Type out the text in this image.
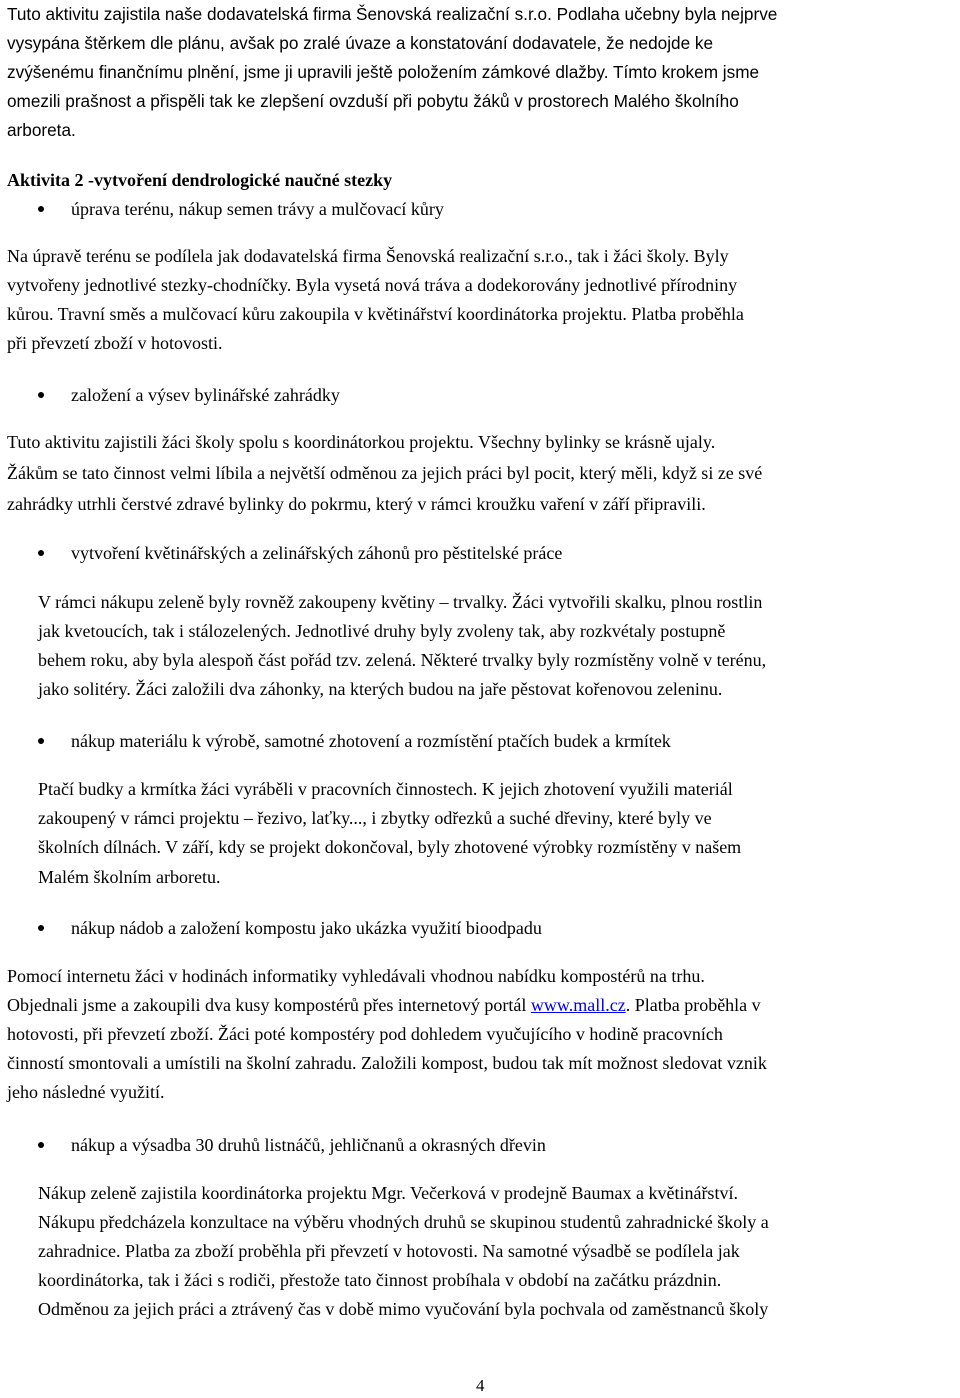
Tuto aktivitu zajistila naše dodavatelská firma Šenovská realizační s.r.o. Podlaha učebny byla nejprve
vysypána štěrkem dle plánu, avšak po zralé úvaze a konstatování dodavatele, že nedojde ke
zvýšenému finančnímu plnění, jsme ji upravili ještě položením zámkové dlažby. Tímto krokem jsme
omezili prašnost a přispěli tak ke zlepšení ovzduší při pobytu žáků v prostorech Malého školního
arboreta.
Aktivita 2 -vytvoření dendrologické naučné stezky
úprava terénu, nákup semen trávy a mulčovací kůry
Na úpravě terénu se podílela jak dodavatelská firma Šenovská realizační s.r.o., tak i žáci školy. Byly
vytvořeny jednotlivé stezky-chodníčky. Byla vysetá nová tráva a dodekorovány jednotlivé přírodniny
kůrou. Travní směs a mulčovací kůru zakoupila v květinářství koordinátorka projektu. Platba proběhla
při převzetí zboží v hotovosti.
založení a výsev bylinářské zahrádky
Tuto aktivitu zajistili žáci školy spolu s koordinátorkou projektu. Všechny bylinky se krásně ujaly.
Žákům se tato činnost velmi líbila a největší odměnou za jejich práci byl pocit, který měli, když si ze své
zahrádky utrhli čerstvé zdravé bylinky do pokrmu, který v rámci kroužku vaření v září připravili.
vytvoření květinářských a zelinářských záhonů pro pěstitelské práce
V rámci nákupu zeleně byly rovněž zakoupeny květiny – trvalky. Žáci vytvořili skalku, plnou rostlin
jak kvetoucích, tak i stálozelených. Jednotlivé druhy byly zvoleny tak, aby rozkvétaly postupně
behem roku, aby byla alespoň část pořád tzv. zelená. Některé trvalky byly rozmístěny volně v terénu,
jako solitéry. Žáci založili dva záhonky, na kterých budou na jaře pěstovat kořenovou zeleninu.
nákup materiálu k výrobě, samotné zhotovení a rozmístění ptačích budek a krmítek
Ptačí budky a krmítka žáci vyráběli v pracovních činnostech. K jejich zhotovení využili materiál
zakoupený v rámci projektu – řezivo, laťky..., i zbytky odřezků a suché dřeviny, které byly ve
školních dílnách. V září, kdy se projekt dokončoval, byly zhotovené výrobky rozmístěny v našem
Malém školním arboretu.
nákup nádob a založení kompostu jako ukázka využití bioodpadu
Pomocí internetu žáci v hodinách informatiky vyhledávali vhodnou nabídku kompostérů na trhu.
Objednali jsme a zakoupili dva kusy kompostérů přes internetový portál www.mall.cz. Platba proběhla v
hotovosti, při převzetí zboží. Žáci poté kompostéry pod dohledem vyučujícího v hodině pracovních
činností smontovali a umístili na školní zahradu. Založili kompost, budou tak mít možnost sledovat vznik
jeho následné využití.
nákup a výsadba 30 druhů listnáčů, jehličnanů a okrasných dřevin
Nákup zeleně zajistila koordinátorka projektu Mgr. Večerková v prodejně Baumax a květinářství.
Nákupu předcházela konzultace na výběru vhodných druhů se skupinou studentů zahradnické školy a
zahradnice. Platba za zboží proběhla při převzetí v hotovosti. Na samotné výsadbě se podílela jak
koordinátorka, tak i žáci s rodiči, přestože tato činnost probíhala v období na začátku prázdnin.
Odměnou za jejich práci a ztrávený čas v době mimo vyučování byla pochvala od zaměstnanců školy
4
